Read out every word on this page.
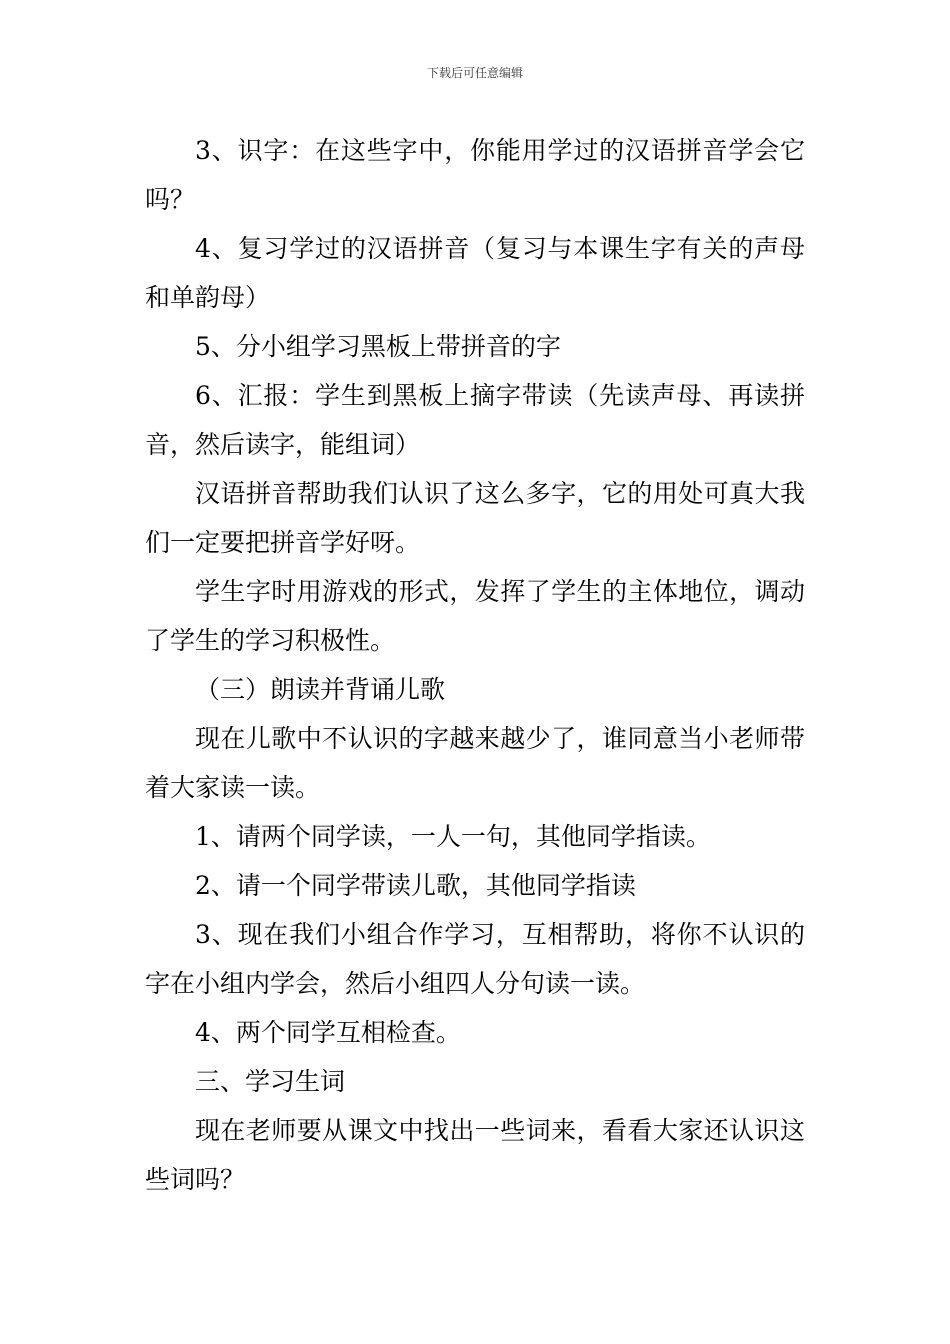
下载后可任意编辑

3、识字：在这些字中，你能用学过的汉语拼音学会它吗？

4、复习学过的汉语拼音（复习与本课生字有关的声母和单韵母）

5、分小组学习黑板上带拼音的字

6、汇报：学生到黑板上摘字带读（先读声母、再读拼音，然后读字，能组词）

汉语拼音帮助我们认识了这么多字，它的用处可真大我们一定要把拼音学好呀。

学生字时用游戏的形式，发挥了学生的主体地位，调动了学生的学习积极性。

（三）朗读并背诵儿歌

现在儿歌中不认识的字越来越少了，谁同意当小老师带着大家读一读。

1、请两个同学读，一人一句，其他同学指读。

2、请一个同学带读儿歌，其他同学指读

3、现在我们小组合作学习，互相帮助，将你不认识的字在小组内学会，然后小组四人分句读一读。

4、两个同学互相检查。

三、学习生词

现在老师要从课文中找出一些词来，看看大家还认识这些词吗？
